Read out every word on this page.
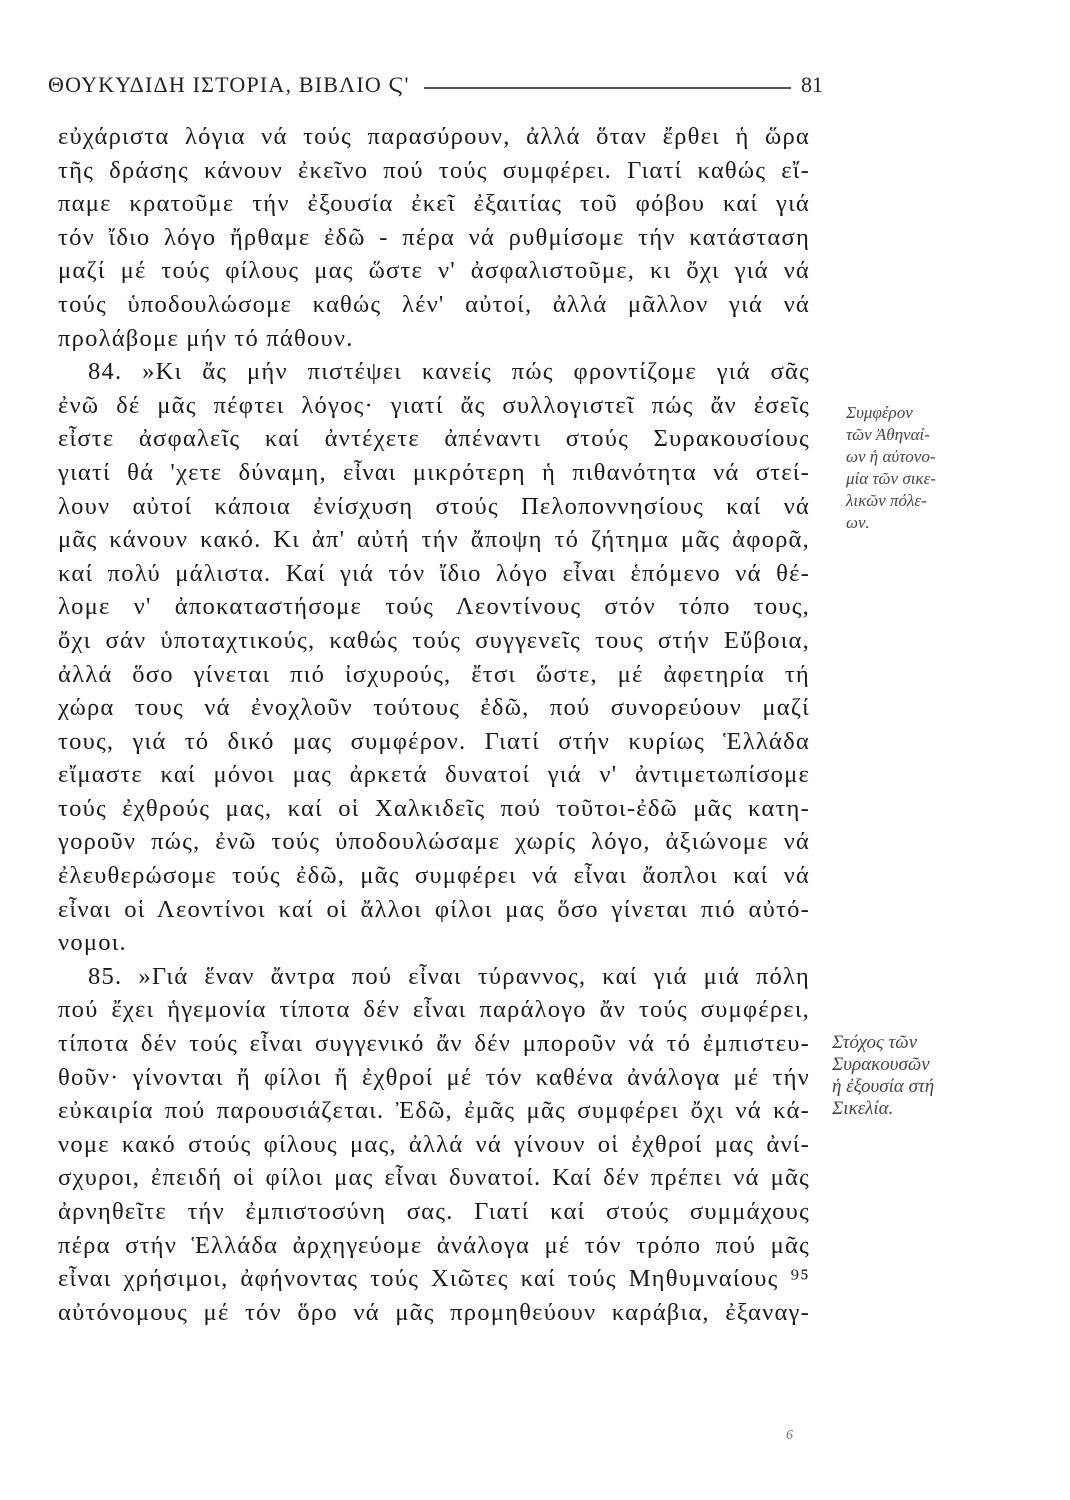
ΘΟΥΚΥΔΙΔΗ ΙΣΤΟΡΙΑ, ΒΙΒΛΙΟ Ϛ'	81
εὐχάριστα λόγια νά τούς παρασύρουν, ἀλλά ὅταν ἔρθει ἡ ὥρα
τῆς δράσης κάνουν ἐκεῖνο πού τούς συμφέρει. Γιατί καθώς εἴ-
παμε κρατοῦμε τήν ἐξουσία ἐκεῖ ἐξαιτίας τοῦ φόβου καί γιά
τόν ἴδιο λόγο ἤρθαμε ἐδῶ - πέρα νά ρυθμίσομε τήν κατάσταση
μαζί μέ τούς φίλους μας ὥστε ν' ἀσφαλιστοῦμε, κι ὄχι γιά νά
τούς ὑποδουλώσομε καθώς λέν' αὐτοί, ἀλλά μᾶλλον γιά νά
προλάβομε μήν τό πάθουν.
84. »Κι ἄς μήν πιστέψει κανείς πώς φροντίζομε γιά σᾶς
ἐνῶ δέ μᾶς πέφτει λόγος· γιατί ἄς συλλογιστεῖ πώς ἄν ἐσεῖς
εἶστε ἀσφαλεῖς καί ἀντέχετε ἀπέναντι στούς Συρακουσίους
γιατί θά 'χετε δύναμη, εἶναι μικρότερη ἡ πιθανότητα νά στεί-
λουν αὐτοί κάποια ἐνίσχυση στούς Πελοποννησίους καί νά
μᾶς κάνουν κακό. Κι ἀπ' αὐτή τήν ἄποψη τό ζήτημα μᾶς ἀφορᾶ,
καί πολύ μάλιστα. Καί γιά τόν ἴδιο λόγο εἶναι ἑπόμενο νά θέ-
λομε ν' ἀποκαταστήσομε τούς Λεοντίνους στόν τόπο τους,
ὄχι σάν ὑποταχτικούς, καθώς τούς συγγενεῖς τους στήν Εὔβοια,
ἀλλά ὅσο γίνεται πιό ἰσχυρούς, ἔτσι ὥστε, μέ ἀφετηρία τή
χώρα τους νά ἐνοχλοῦν τούτους ἐδῶ, πού συνορεύουν μαζί
τους, γιά τό δικό μας συμφέρον. Γιατί στήν κυρίως Ἑλλάδα
εἴμαστε καί μόνοι μας ἀρκετά δυνατοί γιά ν' ἀντιμετωπίσομε
τούς ἐχθρούς μας, καί οἱ Χαλκιδεῖς πού τοῦτοι-ἐδῶ μᾶς κατη-
γοροῦν πώς, ἐνῶ τούς ὑποδουλώσαμε χωρίς λόγο, ἀξιώνομε νά
ἐλευθερώσομε τούς ἐδῶ, μᾶς συμφέρει νά εἶναι ἄοπλοι καί νά
εἶναι οἱ Λεοντίνοι καί οἱ ἄλλοι φίλοι μας ὅσο γίνεται πιό αὐτό-
νομοι.
85. »Γιά ἕναν ἄντρα πού εἶναι τύραννος, καί γιά μιά πόλη
πού ἔχει ἡγεμονία τίποτα δέν εἶναι παράλογο ἄν τούς συμφέρει,
τίποτα δέν τούς εἶναι συγγενικό ἄν δέν μποροῦν νά τό ἐμπιστευ-
θοῦν· γίνονται ἤ φίλοι ἤ ἐχθροί μέ τόν καθένα ἀνάλογα μέ τήν
εὐκαιρία πού παρουσιάζεται. Ἐδῶ, ἐμᾶς μᾶς συμφέρει ὄχι νά κά-
νομε κακό στούς φίλους μας, ἀλλά νά γίνουν οἱ ἐχθροί μας ἀνί-
σχυροι, ἐπειδή οἱ φίλοι μας εἶναι δυνατοί. Καί δέν πρέπει νά μᾶς
ἀρνηθεῖτε τήν ἐμπιστοσύνη σας. Γιατί καί στούς συμμάχους
πέρα στήν Ἑλλάδα ἀρχηγεύομε ἀνάλογα μέ τόν τρόπο πού μᾶς
εἶναι χρήσιμοι, ἀφήνοντας τούς Χιῶτες καί τούς Μηθυμναίους ⁹⁵
αὐτόνομους μέ τόν ὅρο νά μᾶς προμηθεύουν καράβια, ἐξαναγ-
Συμφέρον
τῶν Ἀθηναί-
ων ἡ αὐτονο-
μία τῶν σικε-
λικῶν πόλε-
ων.
Στόχος τῶν
Συρακουσῶν
ἡ ἐξουσία στή
Σικελία.
6
